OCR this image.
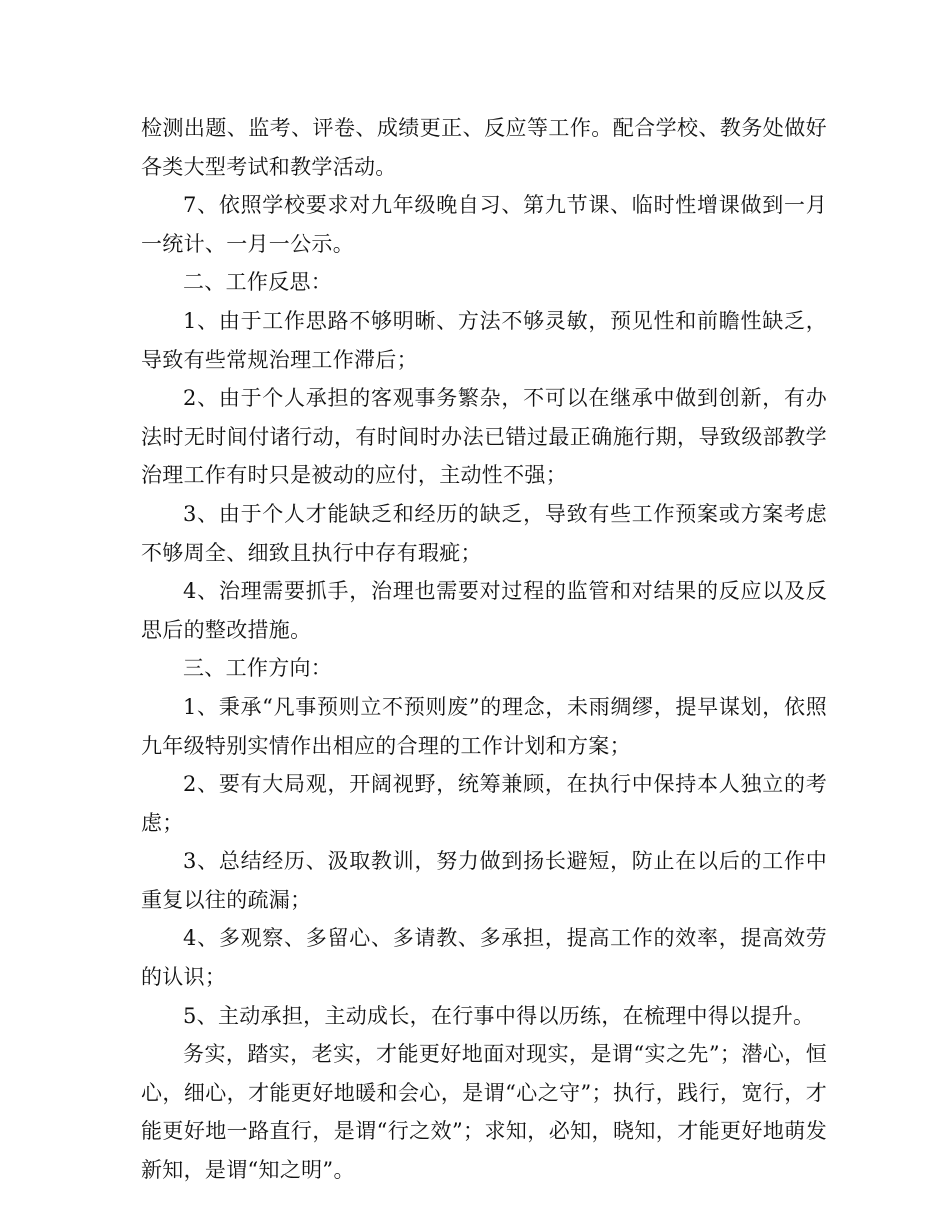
检测出题、监考、评卷、成绩更正、反应等工作。配合学校、教务处做好各类大型考试和教学活动。

7、依照学校要求对九年级晚自习、第九节课、临时性增课做到一月一统计、一月一公示。

二、工作反思：

1、由于工作思路不够明晰、方法不够灵敏，预见性和前瞻性缺乏，导致有些常规治理工作滞后；

2、由于个人承担的客观事务繁杂，不可以在继承中做到创新，有办法时无时间付诸行动，有时间时办法已错过最正确施行期，导致级部教学治理工作有时只是被动的应付，主动性不强；

3、由于个人才能缺乏和经历的缺乏，导致有些工作预案或方案考虑不够周全、细致且执行中存有瑕疵；

4、治理需要抓手，治理也需要对过程的监管和对结果的反应以及反思后的整改措施。

三、工作方向：

1、秉承“凡事预则立不预则废”的理念，未雨绸缪，提早谋划，依照九年级特别实情作出相应的合理的工作计划和方案；

2、要有大局观，开阔视野，统筹兼顾，在执行中保持本人独立的考虑；

3、总结经历、汲取教训，努力做到扬长避短，防止在以后的工作中重复以往的疏漏；

4、多观察、多留心、多请教、多承担，提高工作的效率，提高效劳的认识；

5、主动承担，主动成长，在行事中得以历练，在梳理中得以提升。

务实，踏实，老实，才能更好地面对现实，是谓“实之先”；潜心，恒心，细心，才能更好地暖和会心，是谓“心之守”；执行，践行，宽行，才能更好地一路直行，是谓“行之效”；求知，必知，晓知，才能更好地萌发新知，是谓“知之明”。
